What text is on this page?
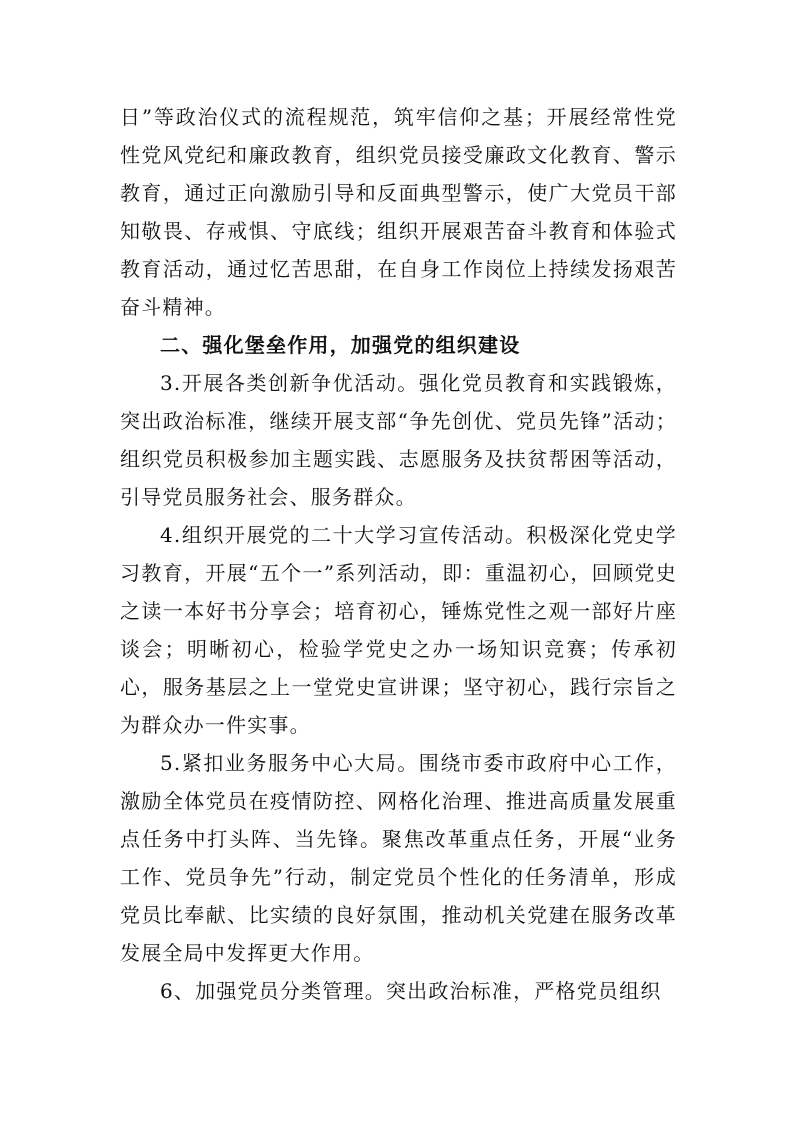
日”等政治仪式的流程规范，筑牢信仰之基；开展经常性党性党风党纪和廉政教育，组织党员接受廉政文化教育、警示教育，通过正向激励引导和反面典型警示，使广大党员干部知敬畏、存戒惧、守底线；组织开展艰苦奋斗教育和体验式教育活动，通过忆苦思甜，在自身工作岗位上持续发扬艰苦奋斗精神。

二、强化堡垒作用，加强党的组织建设

3.开展各类创新争优活动。强化党员教育和实践锻炼，突出政治标准，继续开展支部“争先创优、党员先锋”活动；组织党员积极参加主题实践、志愿服务及扶贫帮困等活动，引导党员服务社会、服务群众。

4.组织开展党的二十大学习宣传活动。积极深化党史学习教育，开展“五个一”系列活动，即：重温初心，回顾党史之读一本好书分享会；培育初心，锤炼党性之观一部好片座谈会；明晰初心，检验学党史之办一场知识竞赛；传承初心，服务基层之上一堂党史宣讲课；坚守初心，践行宗旨之为群众办一件实事。

5.紧扣业务服务中心大局。围绕市委市政府中心工作，激励全体党员在疫情防控、网格化治理、推进高质量发展重点任务中打头阵、当先锋。聚焦改革重点任务，开展“业务工作、党员争先”行动，制定党员个性化的任务清单，形成党员比奉献、比实绩的良好氛围，推动机关党建在服务改革发展全局中发挥更大作用。

6、加强党员分类管理。突出政治标准，严格党员组织
